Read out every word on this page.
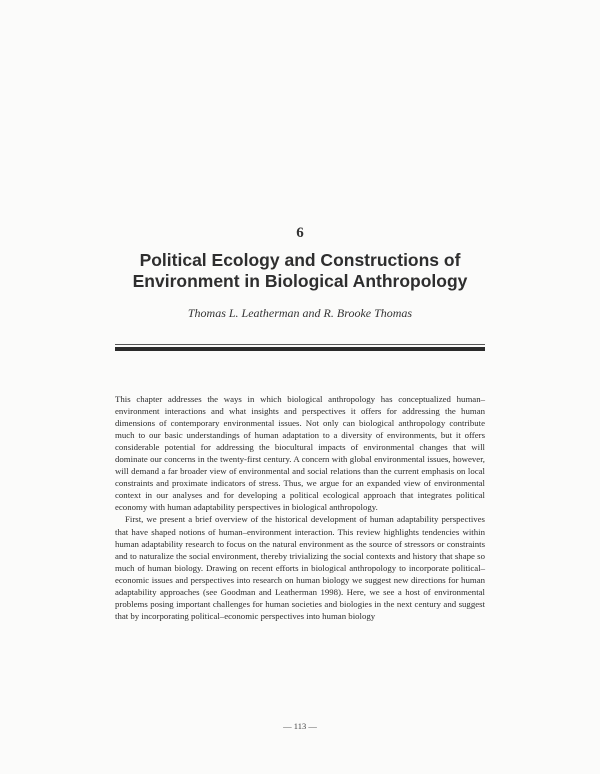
6
Political Ecology and Constructions of
Environment in Biological Anthropology
Thomas L. Leatherman and R. Brooke Thomas

This chapter addresses the ways in which biological anthropology has conceptualized human–environment interactions and what insights and perspectives it offers for addressing the human dimensions of contemporary environmental issues. Not only can biological anthropology contribute much to our basic understandings of human adaptation to a diversity of environments, but it offers considerable potential for addressing the biocultural impacts of environmental changes that will dominate our concerns in the twenty-first century. A concern with global environmental issues, however, will demand a far broader view of environmental and social relations than the current emphasis on local constraints and proximate indicators of stress. Thus, we argue for an expanded view of environmental context in our analyses and for developing a political ecological approach that integrates political economy with human adaptability perspectives in biological anthropology.

First, we present a brief overview of the historical development of human adaptability perspectives that have shaped notions of human–environment interaction. This review highlights tendencies within human adaptability research to focus on the natural environment as the source of stressors or constraints and to naturalize the social environment, thereby trivializing the social contexts and history that shape so much of human biology. Drawing on recent efforts in biological anthropology to incorporate political–economic issues and perspectives into research on human biology we suggest new directions for human adaptability approaches (see Goodman and Leatherman 1998). Here, we see a host of environmental problems posing important challenges for human societies and biologies in the next century and suggest that by incorporating political–economic perspectives into human biology

— 113 —
